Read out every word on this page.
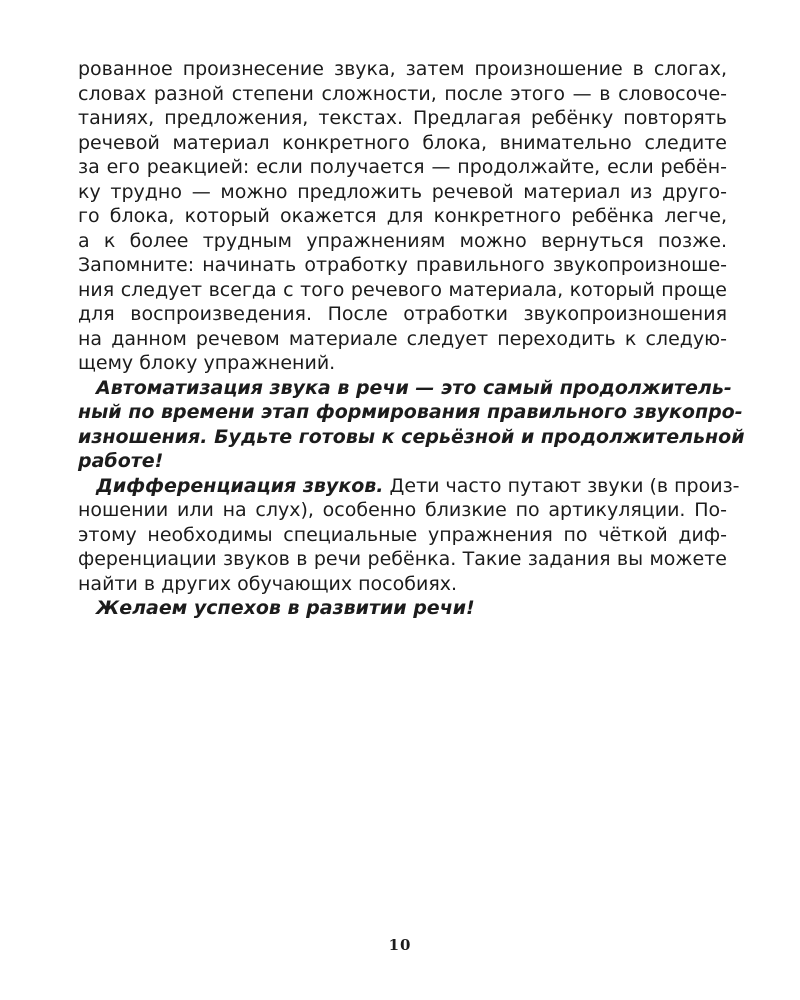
рованное произнесение звука, затем произношение в слогах,
словах разной степени сложности, после этого — в словосоче-
таниях, предложения, текстах. Предлагая ребёнку повторять
речевой материал конкретного блока, внимательно следите
за его реакцией: если получается — продолжайте, если ребён-
ку трудно — можно предложить речевой материал из друго-
го блока, который окажется для конкретного ребёнка легче,
а к более трудным упражнениям можно вернуться позже.
Запомните: начинать отработку правильного звукопроизноше-
ния следует всегда с того речевого материала, который проще
для воспроизведения. После отработки звукопроизношения
на данном речевом материале следует переходить к следую-
щему блоку упражнений.
Автоматизация звука в речи — это самый продолжитель-
ный по времени этап формирования правильного звукопро-
изношения. Будьте готовы к серьёзной и продолжительной
работе!
Дифференциация звуков. Дети часто путают звуки (в произ-
ношении или на слух), особенно близкие по артикуляции. По-
этому необходимы специальные упражнения по чёткой диф-
ференциации звуков в речи ребёнка. Такие задания вы можете
найти в других обучающих пособиях.
Желаем успехов в развитии речи!
10
